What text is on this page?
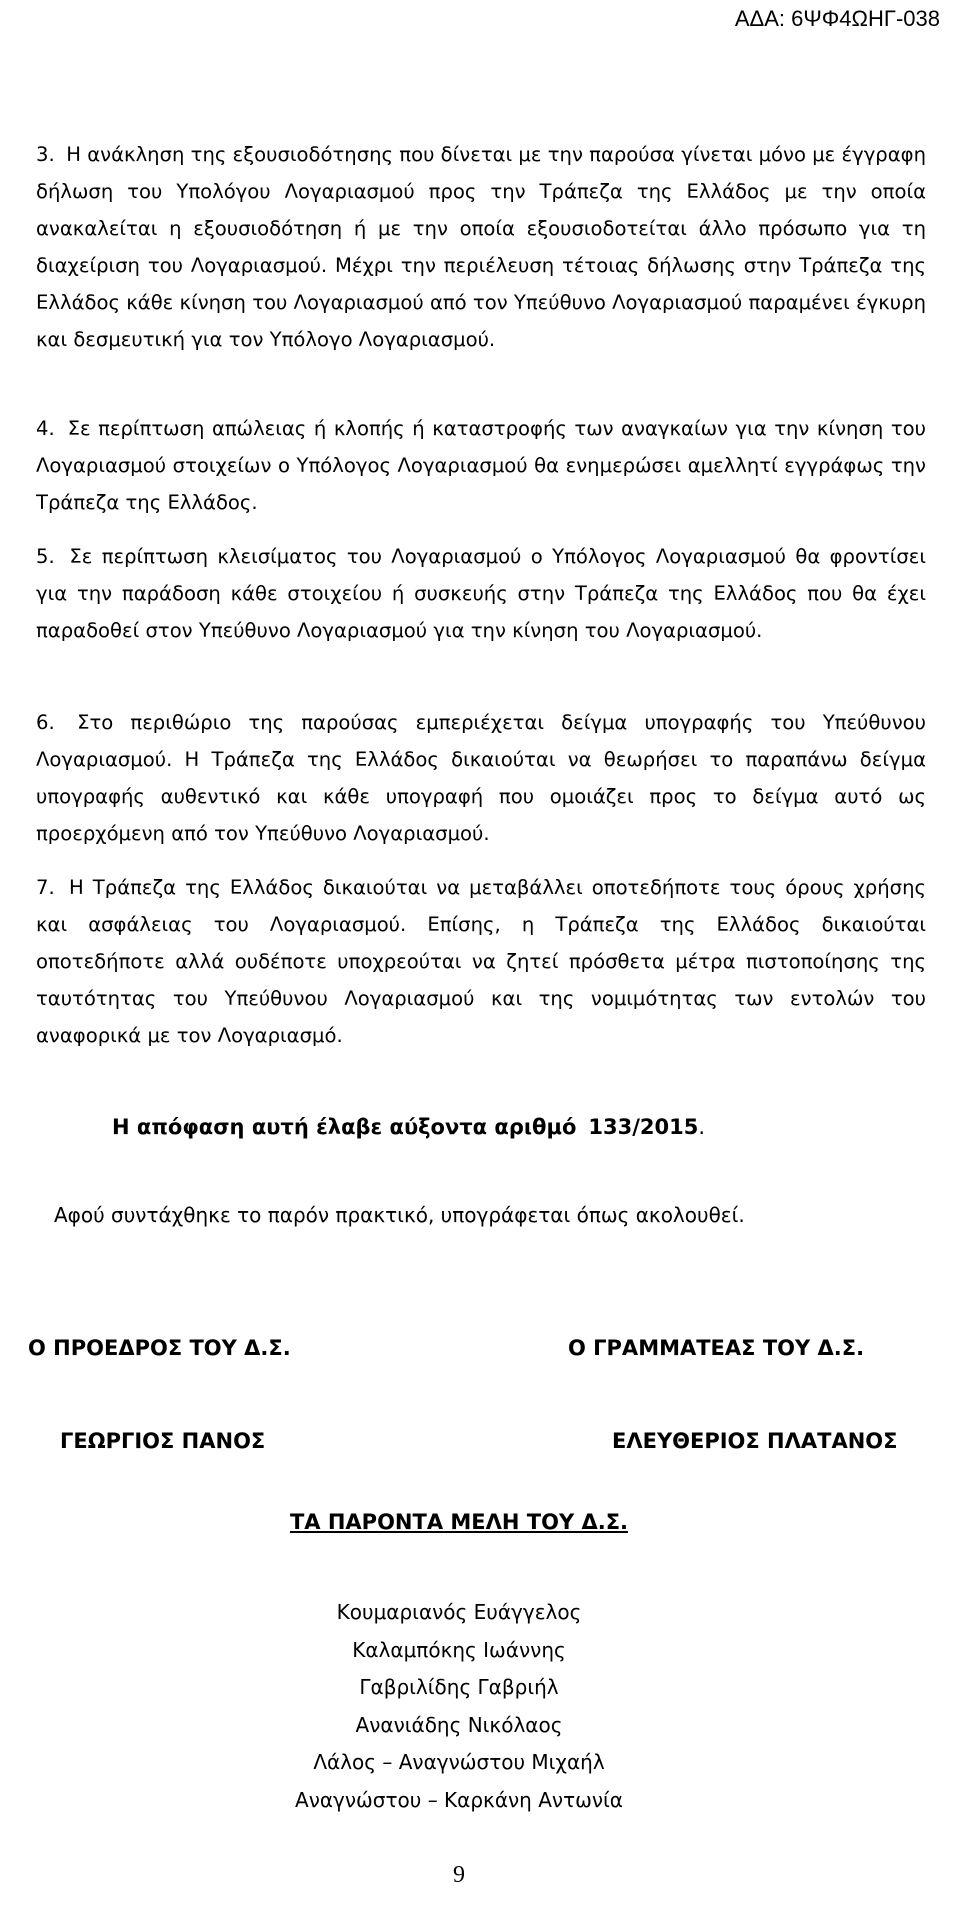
ΑΔΑ: 6ΨΦ4ΩΗΓ-038

3. Η ανάκληση της εξουσιοδότησης που δίνεται με την παρούσα γίνεται μόνο με έγγραφη δήλωση του Υπολόγου Λογαριασμού προς την Τράπεζα της Ελλάδος με την οποία ανακαλείται η εξουσιοδότηση ή με την οποία εξουσιοδοτείται άλλο πρόσωπο για τη διαχείριση του Λογαριασμού. Μέχρι την περιέλευση τέτοιας δήλωσης στην Τράπεζα της Ελλάδος κάθε κίνηση του Λογαριασμού από τον Υπεύθυνο Λογαριασμού παραμένει έγκυρη και δεσμευτική για τον Υπόλογο Λογαριασμού.

4. Σε περίπτωση απώλειας ή κλοπής ή καταστροφής των αναγκαίων για την κίνηση του Λογαριασμού στοιχείων ο Υπόλογος Λογαριασμού θα ενημερώσει αμελλητί εγγράφως την Τράπεζα της Ελλάδος.

5. Σε περίπτωση κλεισίματος του Λογαριασμού ο Υπόλογος Λογαριασμού θα φροντίσει για την παράδοση κάθε στοιχείου ή συσκευής στην Τράπεζα της Ελλάδος που θα έχει παραδοθεί στον Υπεύθυνο Λογαριασμού για την κίνηση του Λογαριασμού.

6. Στο περιθώριο της παρούσας εμπεριέχεται δείγμα υπογραφής του Υπεύθυνου Λογαριασμού. Η Τράπεζα της Ελλάδος δικαιούται να θεωρήσει το παραπάνω δείγμα υπογραφής αυθεντικό και κάθε υπογραφή που ομοιάζει προς το δείγμα αυτό ως προερχόμενη από τον Υπεύθυνο Λογαριασμού.

7. Η Τράπεζα της Ελλάδος δικαιούται να μεταβάλλει οποτεδήποτε τους όρους χρήσης και ασφάλειας του Λογαριασμού. Επίσης, η Τράπεζα της Ελλάδος δικαιούται οποτεδήποτε αλλά ουδέποτε υποχρεούται να ζητεί πρόσθετα μέτρα πιστοποίησης της ταυτότητας του Υπεύθυνου Λογαριασμού και της νομιμότητας των εντολών του αναφορικά με τον Λογαριασμό.

Η απόφαση αυτή έλαβε αύξοντα αριθμό 133/2015.
Αφού συντάχθηκε το παρόν πρακτικό, υπογράφεται όπως ακολουθεί.
Ο ΠΡΟΕΔΡΟΣ ΤΟΥ Δ.Σ.	Ο ΓΡΑΜΜΑΤΕΑΣ ΤΟΥ Δ.Σ.
ΓΕΩΡΓΙΟΣ ΠΑΝΟΣ	ΕΛΕΥΘΕΡΙΟΣ ΠΛΑΤΑΝΟΣ
ΤΑ ΠΑΡΟΝΤΑ ΜΕΛΗ ΤΟΥ Δ.Σ.
Κουμαριανός Ευάγγελος
Καλαμπόκης Ιωάννης
Γαβριλίδης Γαβριήλ
Ανανιάδης Νικόλαος
Λάλος – Αναγνώστου Μιχαήλ
Αναγνώστου – Καρκάνη Αντωνία
9
